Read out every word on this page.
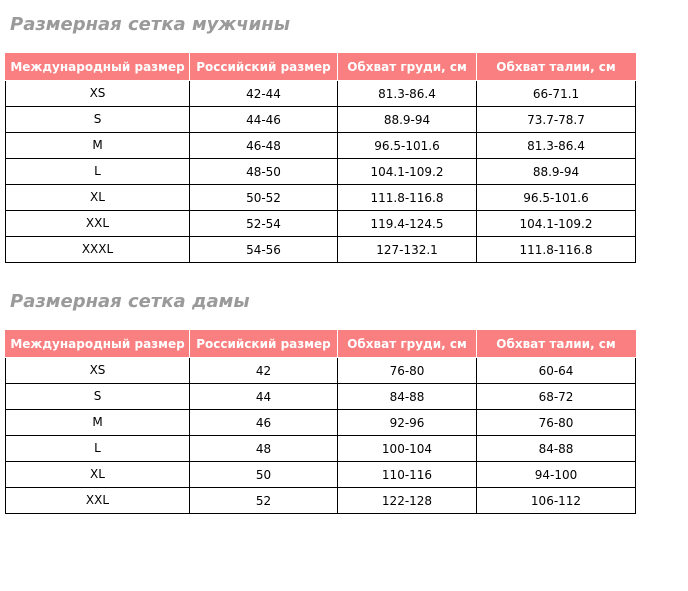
Размерная сетка мужчины
Международный размер	Российский размер	Обхват груди, см	Обхват талии, см
XS	42-44	81.3-86.4	66-71.1
S	44-46	88.9-94	73.7-78.7
M	46-48	96.5-101.6	81.3-86.4
L	48-50	104.1-109.2	88.9-94
XL	50-52	111.8-116.8	96.5-101.6
XXL	52-54	119.4-124.5	104.1-109.2
XXXL	54-56	127-132.1	111.8-116.8
Размерная сетка дамы
Международный размер	Российский размер	Обхват груди, см	Обхват талии, см
XS	42	76-80	60-64
S	44	84-88	68-72
M	46	92-96	76-80
L	48	100-104	84-88
XL	50	110-116	94-100
XXL	52	122-128	106-112
